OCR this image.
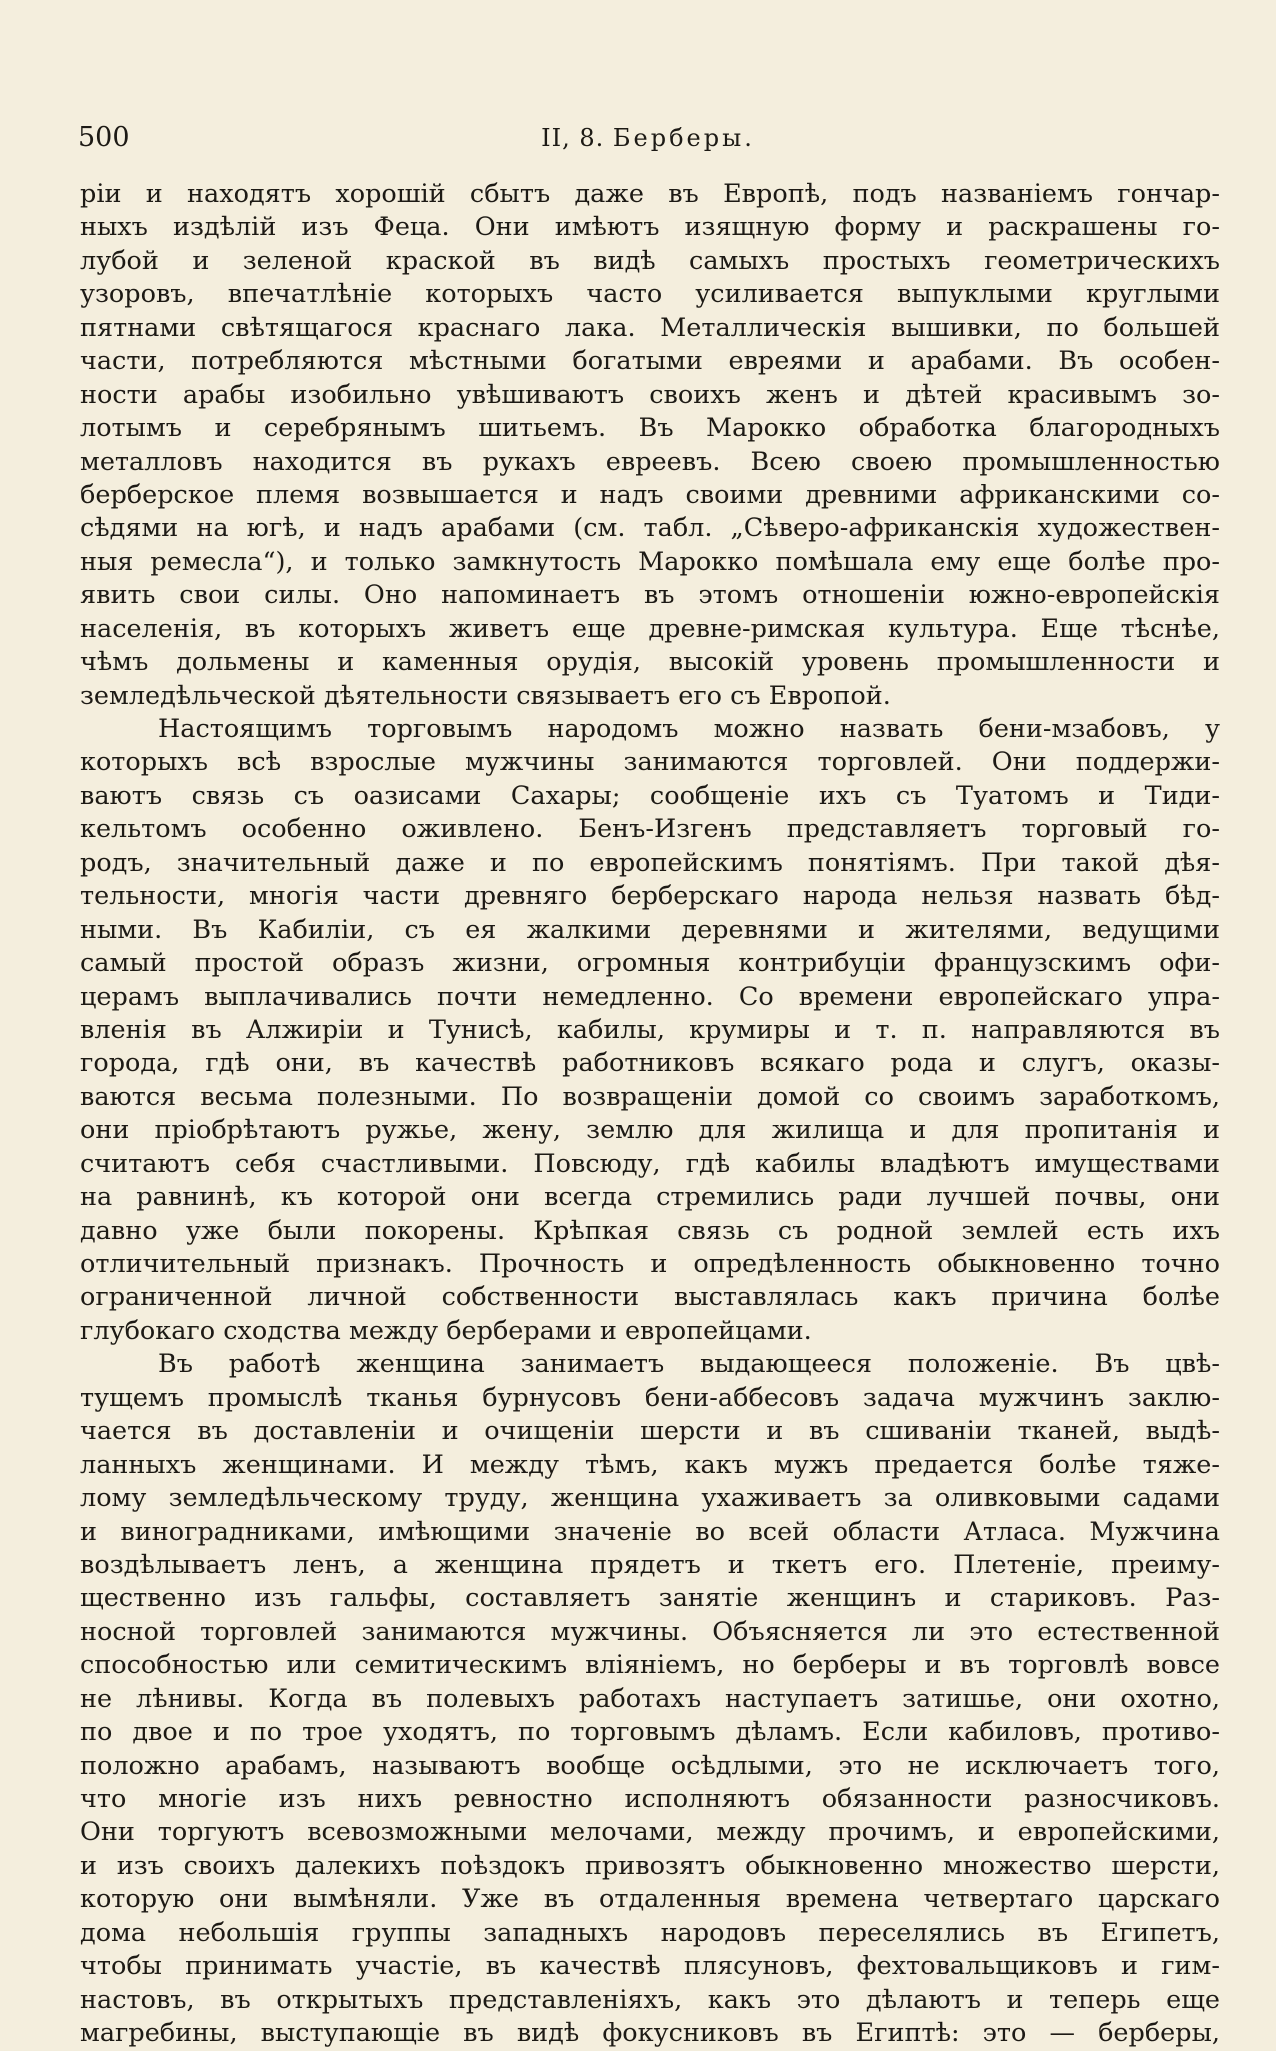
500	II, 8. Берберы.
ріи и находятъ хорошій сбытъ даже въ Европѣ, подъ названіемъ гончар-
ныхъ издѣлій изъ Феца. Они имѣютъ изящную форму и раскрашены го-
лубой и зеленой краской въ видѣ самыхъ простыхъ геометрическихъ
узоровъ, впечатлѣніе которыхъ часто усиливается выпуклыми круглыми
пятнами свѣтящагося краснаго лака. Металлическія вышивки, по большей
части, потребляются мѣстными богатыми евреями и арабами. Въ особен-
ности арабы изобильно увѣшиваютъ своихъ женъ и дѣтей красивымъ зо-
лотымъ и серебрянымъ шитьемъ. Въ Марокко обработка благородныхъ
металловъ находится въ рукахъ евреевъ. Всею своею промышленностью
берберское племя возвышается и надъ своими древними африканскими со-
сѣдями на югѣ, и надъ арабами (см. табл. „Сѣверо-африканскія художествен-
ныя ремесла“), и только замкнутость Марокко помѣшала ему еще болѣе про-
явить свои силы. Оно напоминаетъ въ этомъ отношеніи южно-европейскія
населенія, въ которыхъ живетъ еще древне-римская культура. Еще тѣснѣе,
чѣмъ дольмены и каменныя орудія, высокій уровень промышленности и
земледѣльческой дѣятельности связываетъ его съ Европой.
Настоящимъ торговымъ народомъ можно назвать бени-мзабовъ, у
которыхъ всѣ взрослые мужчины занимаются торговлей. Они поддержи-
ваютъ связь съ оазисами Сахары; сообщеніе ихъ съ Туатомъ и Тиди-
кельтомъ особенно оживлено. Бенъ-Изгенъ представляетъ торговый го-
родъ, значительный даже и по европейскимъ понятіямъ. При такой дѣя-
тельности, многія части древняго берберскаго народа нельзя назвать бѣд-
ными. Въ Кабиліи, съ ея жалкими деревнями и жителями, ведущими
самый простой образъ жизни, огромныя контрибуціи французскимъ офи-
церамъ выплачивались почти немедленно. Со времени европейскаго упра-
вленія въ Алжиріи и Тунисѣ, кабилы, крумиры и т. п. направляются въ
города, гдѣ они, въ качествѣ работниковъ всякаго рода и слугъ, оказы-
ваются весьма полезными. По возвращеніи домой со своимъ заработкомъ,
они пріобрѣтаютъ ружье, жену, землю для жилища и для пропитанія и
считаютъ себя счастливыми. Повсюду, гдѣ кабилы владѣютъ имуществами
на равнинѣ, къ которой они всегда стремились ради лучшей почвы, они
давно уже были покорены. Крѣпкая связь съ родной землей есть ихъ
отличительный признакъ. Прочность и опредѣленность обыкновенно точно
ограниченной личной собственности выставлялась какъ причина болѣе
глубокаго сходства между берберами и европейцами.
Въ работѣ женщина занимаетъ выдающееся положеніе. Въ цвѣ-
тущемъ промыслѣ тканья бурнусовъ бени-аббесовъ задача мужчинъ заклю-
чается въ доставленіи и очищеніи шерсти и въ сшиваніи тканей, выдѣ-
ланныхъ женщинами. И между тѣмъ, какъ мужъ предается болѣе тяже-
лому земледѣльческому труду, женщина ухаживаетъ за оливковыми садами
и виноградниками, имѣющими значеніе во всей области Атласа. Мужчина
воздѣлываетъ ленъ, а женщина прядетъ и ткетъ его. Плетеніе, преиму-
щественно изъ гальфы, составляетъ занятіе женщинъ и стариковъ. Раз-
носной торговлей занимаются мужчины. Объясняется ли это естественной
способностью или семитическимъ вліяніемъ, но берберы и въ торговлѣ вовсе
не лѣнивы. Когда въ полевыхъ работахъ наступаетъ затишье, они охотно,
по двое и по трое уходятъ, по торговымъ дѣламъ. Если кабиловъ, противо-
положно арабамъ, называютъ вообще осѣдлыми, это не исключаетъ того,
что многіе изъ нихъ ревностно исполняютъ обязанности разносчиковъ.
Они торгуютъ всевозможными мелочами, между прочимъ, и европейскими,
и изъ своихъ далекихъ поѣздокъ привозятъ обыкновенно множество шерсти,
которую они вымѣняли. Уже въ отдаленныя времена четвертаго царскаго
дома небольшія группы западныхъ народовъ переселялись въ Египетъ,
чтобы принимать участіе, въ качествѣ плясуновъ, фехтовальщиковъ и гим-
настовъ, въ открытыхъ представленіяхъ, какъ это дѣлаютъ и теперь еще
магребины, выступающіе въ видѣ фокусниковъ въ Египтѣ: это — берберы,
